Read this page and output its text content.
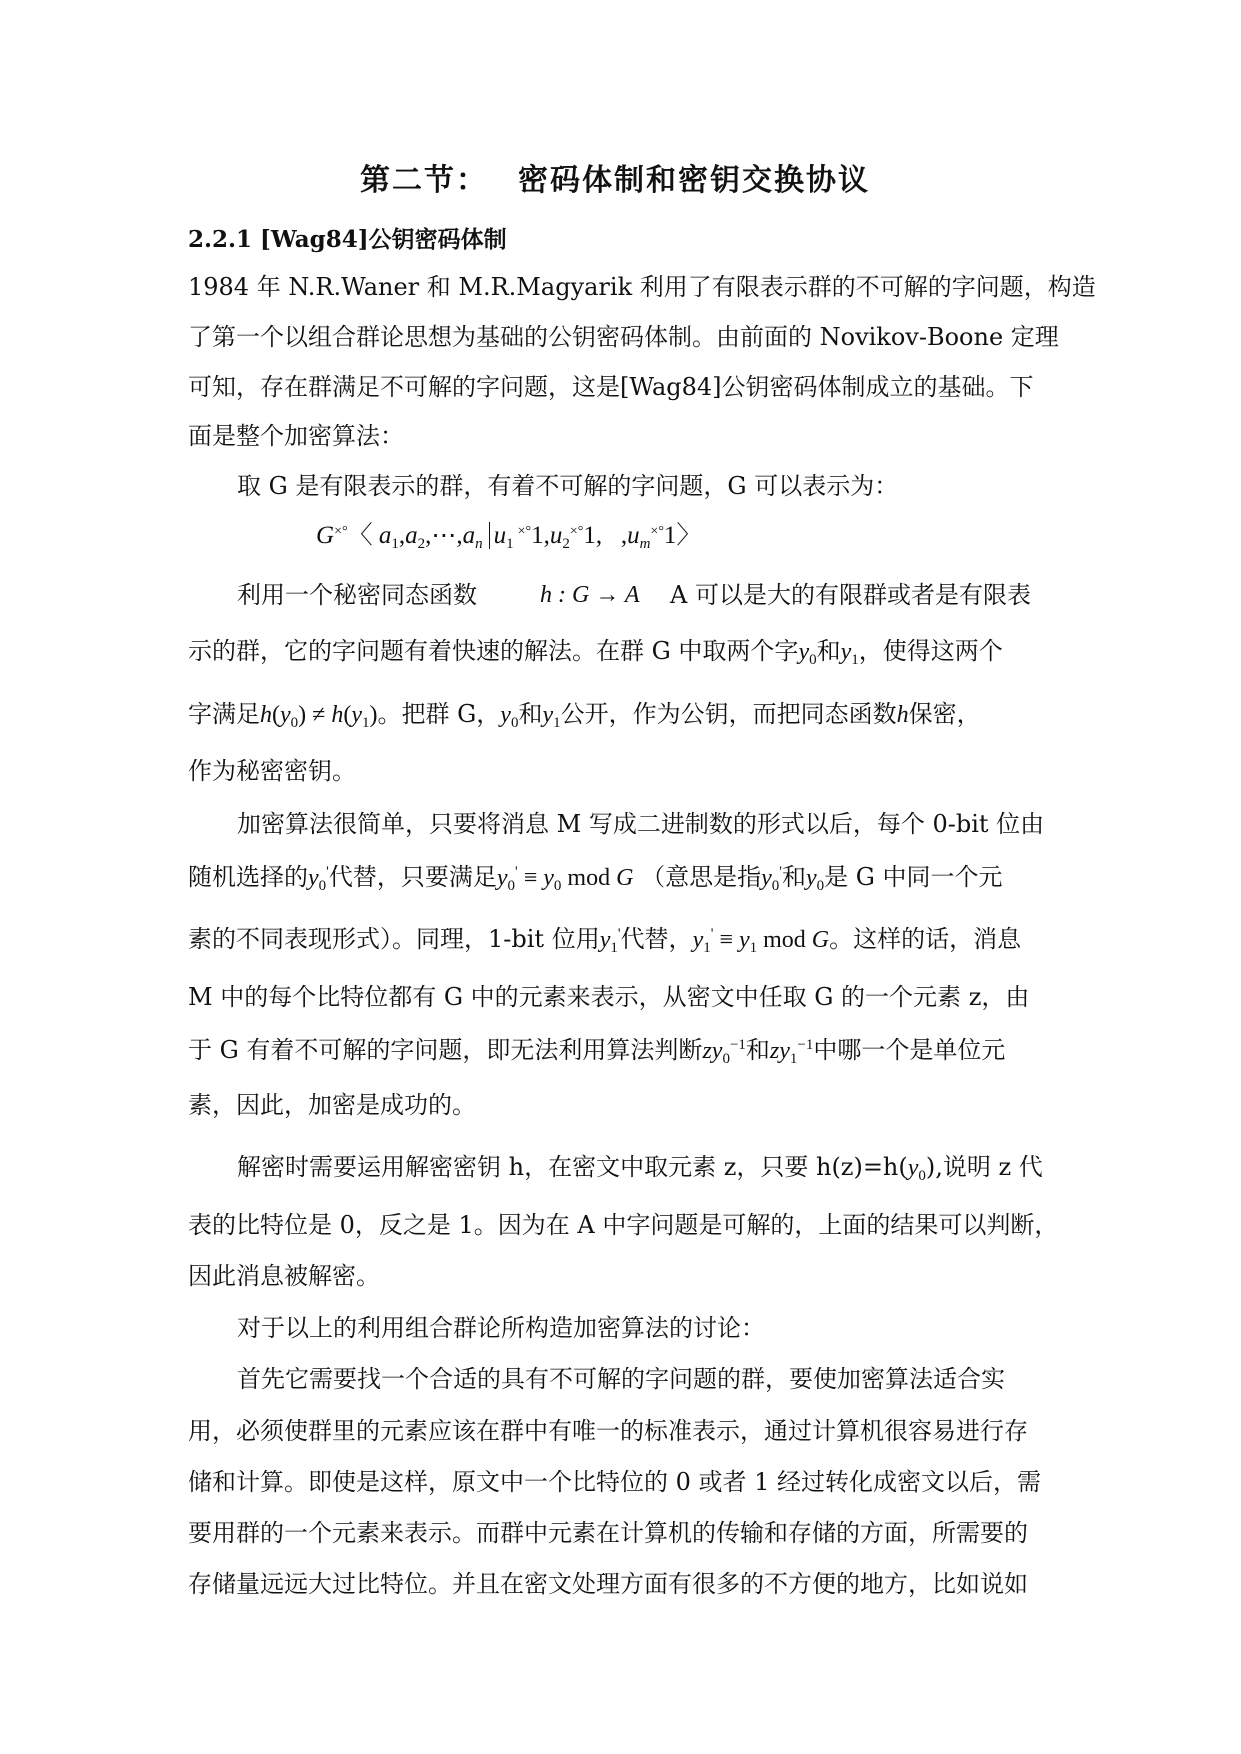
第二节： 密码体制和密钥交换协议
2.2.1 [Wag84]公钥密码体制
1984 年 N.R.Waner 和 M.R.Magyarik 利用了有限表示群的不可解的字问题，构造
了第一个以组合群论思想为基础的公钥密码体制。由前面的 Novikov-Boone 定理
可知，存在群满足不可解的字问题，这是[Wag84]公钥密码体制成立的基础。下
面是整个加密算法：
取 G 是有限表示的群，有着不可解的字问题，G 可以表示为：
G×°〈 $a_1,a_2,\cdots,a_n$ $u_1^{\times^\circ}1,u_2^{\times^\circ}1$, $,u_m^{\times^\circ}1$〉
利用一个秘密同态函数	h : G → A A 可以是大的有限群或者是有限表
示的群，它的字问题有着快速的解法。在群 G 中取两个字$y_0$和$y_1$，使得这两个
字满足$h(y_0) \ne h(y_1)$。把群 G，$y_0$和$y_1$公开，作为公钥，而把同态函数h保密，
作为秘密密钥。
加密算法很简单，只要将消息 M 写成二进制数的形式以后，每个 0-bit 位由
随机选择的$y_0'$代替，只要满足$y_0' \equiv y_0$ mod G （意思是指$y_0'$和$y_0$是 G 中同一个元
素的不同表现形式）。同理，1-bit 位用$y_1'$代替，$y_1' \equiv y_1$ mod G。这样的话，消息
M 中的每个比特位都有 G 中的元素来表示，从密文中任取 G 的一个元素 z，由
于 G 有着不可解的字问题，即无法利用算法判断$zy_0^{-1}$和$zy_1^{-1}$中哪一个是单位元
素，因此，加密是成功的。
解密时需要运用解密密钥 h，在密文中取元素 z，只要 $h(z)=h(y_0)$,说明 z 代
表的比特位是 0，反之是 1。因为在 A 中字问题是可解的，上面的结果可以判断，
因此消息被解密。
对于以上的利用组合群论所构造加密算法的讨论：
首先它需要找一个合适的具有不可解的字问题的群，要使加密算法适合实
用，必须使群里的元素应该在群中有唯一的标准表示，通过计算机很容易进行存
储和计算。即使是这样，原文中一个比特位的 0 或者 1 经过转化成密文以后，需
要用群的一个元素来表示。而群中元素在计算机的传输和存储的方面，所需要的
存储量远远大过比特位。并且在密文处理方面有很多的不方便的地方，比如说如
